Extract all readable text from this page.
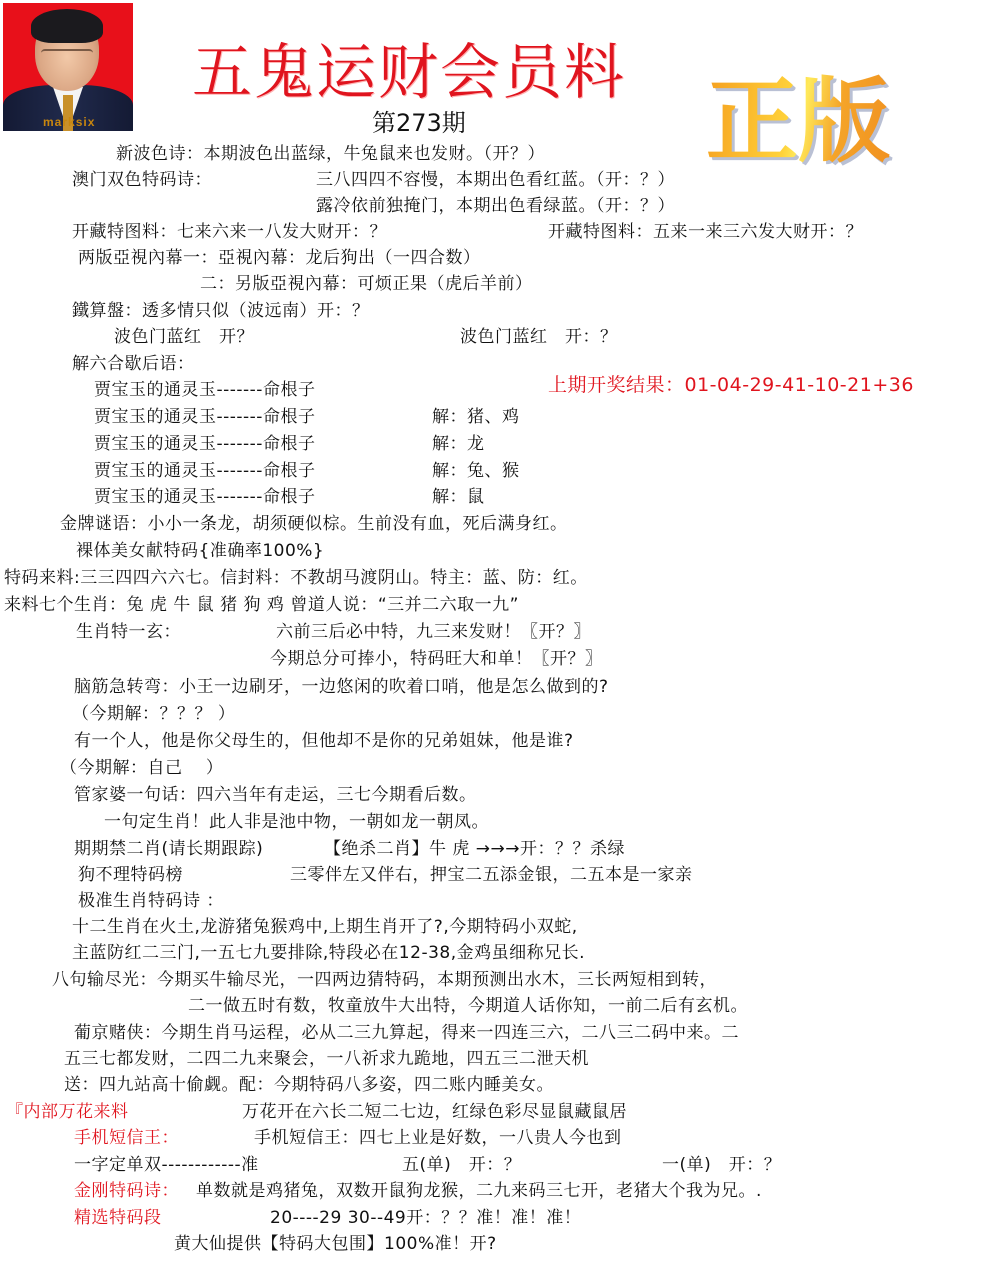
marksix
五鬼运财会员料
第273期	正版
新波色诗：本期波色出蓝绿，牛兔鼠来也发财。（开？）
澳门双色特码诗：	三八四四不容慢，本期出色看红蓝。（开：？）
露冷依前独掩门，本期出色看绿蓝。（开：？）
开藏特图料：七来六来一八发大财开：？	开藏特图料：五来一来三六发大财开：？
两版亞視內幕一：亞視內幕：龙后狗出（一四合数）
二：另版亞視內幕：可烦正果（虎后羊前）
鐵算盤：透多情只似（波远南）开：？
波色门蓝红　开？	波色门蓝红　开：？
解六合歇后语：
贾宝玉的通灵玉-------命根子	上期开奖结果：01-04-29-41-10-21+36
贾宝玉的通灵玉-------命根子	解：猪、鸡
贾宝玉的通灵玉-------命根子	解：龙
贾宝玉的通灵玉-------命根子	解：兔、猴
贾宝玉的通灵玉-------命根子	解：鼠
金牌谜语：小小一条龙，胡须硬似棕。生前没有血，死后满身红。
裸体美女献特码{准确率100%}
特码来料:三三四四六六七。信封料：不教胡马渡阴山。特主：蓝、防：红。
来料七个生肖：兔 虎 牛 鼠 猪 狗 鸡 曾道人说：“三并二六取一九”
生肖特一玄：	六前三后必中特，九三来发财！〖开？〗
今期总分可捧小，特码旺大和单！〖开？〗
脑筋急转弯：小王一边刷牙，一边悠闲的吹着口哨，他是怎么做到的?
（今期解：？？？ ）
有一个人，他是你父母生的，但他却不是你的兄弟姐妹，他是谁?
（今期解：自己　 ）
管家婆一句话：四六当年有走运，三七今期看后数。
一句定生肖！此人非是池中物，一朝如龙一朝凤。
期期禁二肖(请长期跟踪)	【绝杀二肖】牛 虎 →→→开：？？杀绿
狗不理特码榜	三零伴左又伴右，押宝二五添金银，二五本是一家亲
极准生肖特码诗 ：
十二生肖在火土,龙游猪兔猴鸡中,上期生肖开了?,今期特码小双蛇,
主蓝防红二三门,一五七九要排除,特段必在12-38,金鸡虽细称兄长.
八句输尽光：今期买牛输尽光，一四两边猜特码，本期预测出水木，三长两短相到转，
二一做五时有数，牧童放牛大出特，今期道人话你知，一前二后有玄机。
葡京赌侠：今期生肖马运程，必从二三九算起，得来一四连三六，二八三二码中来。二
五三七都发财，二四二九来聚会，一八祈求九跪地，四五三二泄天机
送：四九站高十偷觑。配：今期特码八多姿，四二账内睡美女。
『内部万花来料	万花开在六长二短二七边，红绿色彩尽显鼠藏鼠居
手机短信王：	手机短信王：四七上业是好数，一八贵人今也到
一字定单双------------准	五(单)　开：？	一(单)　开：？
金刚特码诗： 单数就是鸡猪兔，双数开鼠狗龙猴，二九来码三七开，老猪大个我为兄。.
精选特码段	20----29 30--49开：？？准！准！准！
黄大仙提供【特码大包围】100%准！开?
